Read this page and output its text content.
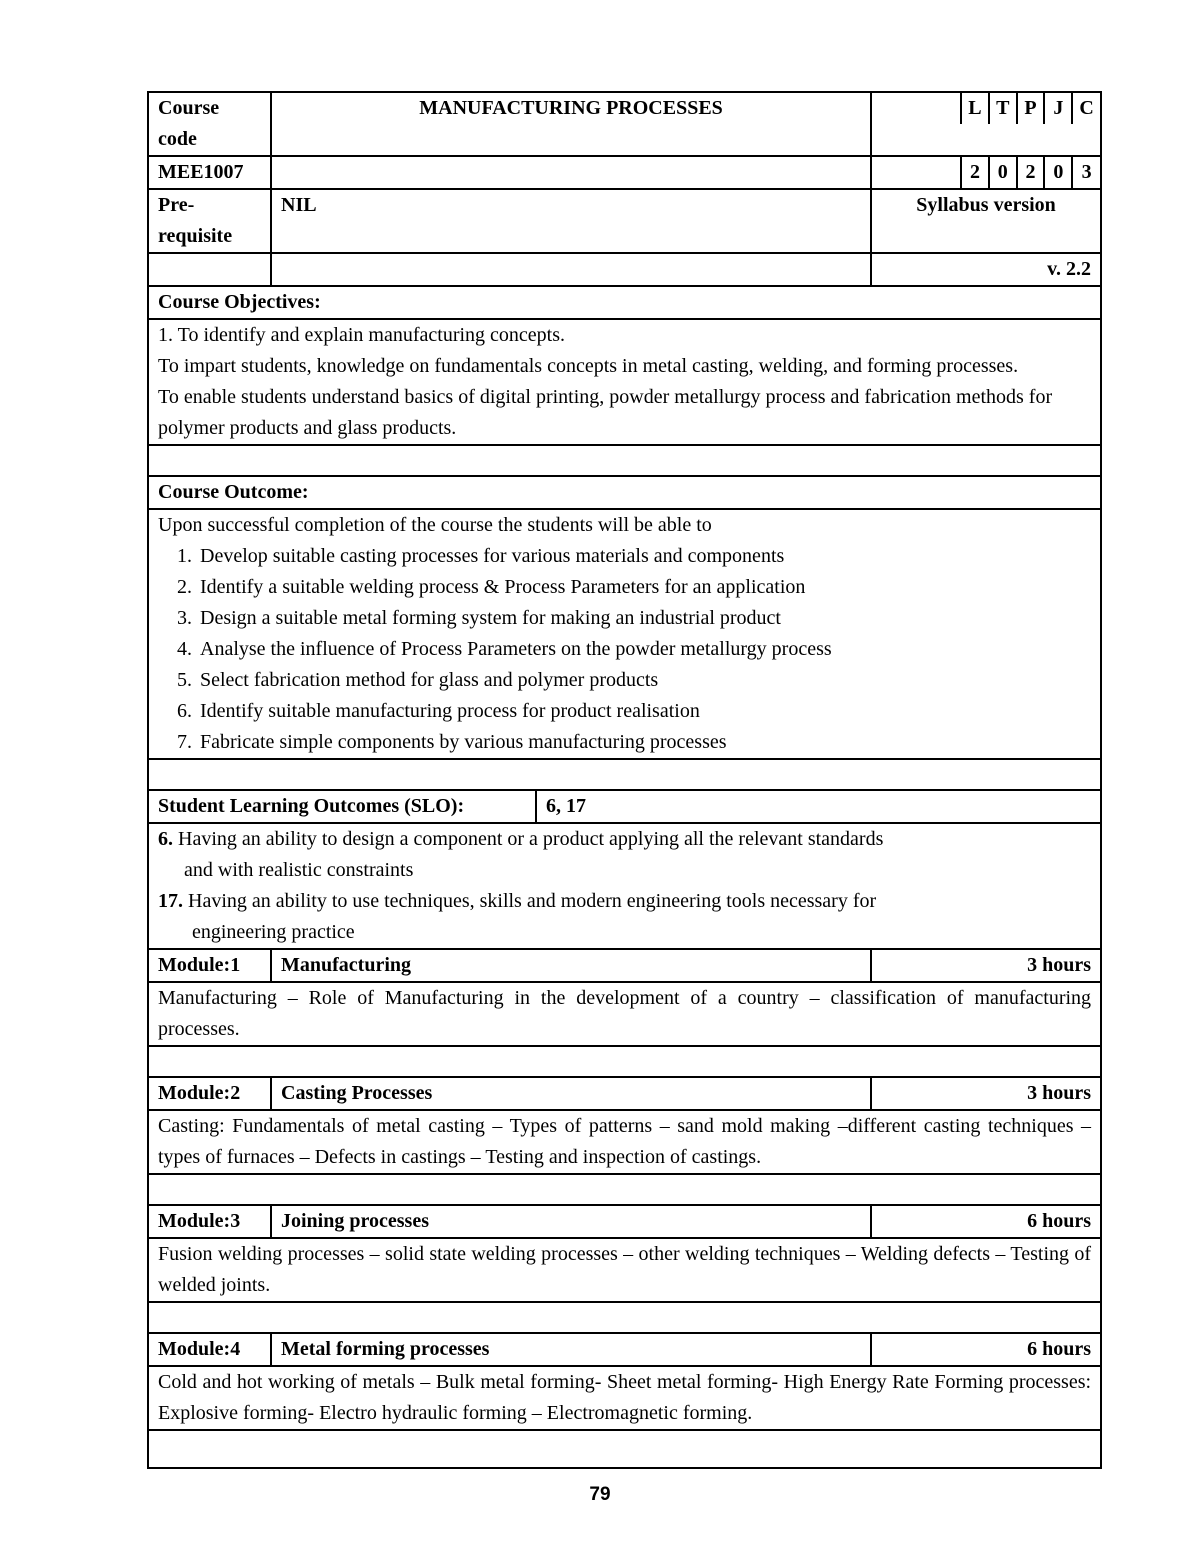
Course code	MANUFACTURING PROCESSES		L	T	P	J	C

MEE1007			2	0	2	0	3

Pre-requisite	NIL	Syllabus version
		v. 2.2
Course Objectives:

1. To identify and explain manufacturing concepts.
To impart students, knowledge on fundamentals concepts in metal casting, welding, and forming processes.
To enable students understand basics of digital printing, powder metallurgy process and fabrication methods for polymer products and glass products.

Course Outcome:

Upon successful completion of the course the students will be able to
1. Develop suitable casting processes for various materials and components
2. Identify a suitable welding process & Process Parameters for an application
3. Design a suitable metal forming system for making an industrial product
4. Analyse the influence of Process Parameters on the powder metallurgy process
5. Select fabrication method for glass and polymer products
6. Identify suitable manufacturing process for product realisation
7. Fabricate simple components by various manufacturing processes

Student Learning Outcomes (SLO):	6, 17

6. Having an ability to design a component or a product applying all the relevant standards
and with realistic constraints
17. Having an ability to use techniques, skills and modern engineering tools necessary for
engineering practice

Module:1	Manufacturing	3 hours
Manufacturing – Role of Manufacturing in the development of a country – classification of manufacturing processes.

Module:2	Casting Processes	3 hours
Casting: Fundamentals of metal casting – Types of patterns – sand mold making –different casting techniques – types of furnaces – Defects in castings – Testing and inspection of castings.

Module:3	Joining processes	6 hours
Fusion welding processes – solid state welding processes – other welding techniques – Welding defects – Testing of welded joints.

Module:4	Metal forming processes	6 hours
Cold and hot working of metals – Bulk metal forming- Sheet metal forming- High Energy Rate Forming processes: Explosive forming- Electro hydraulic forming – Electromagnetic forming.

79
